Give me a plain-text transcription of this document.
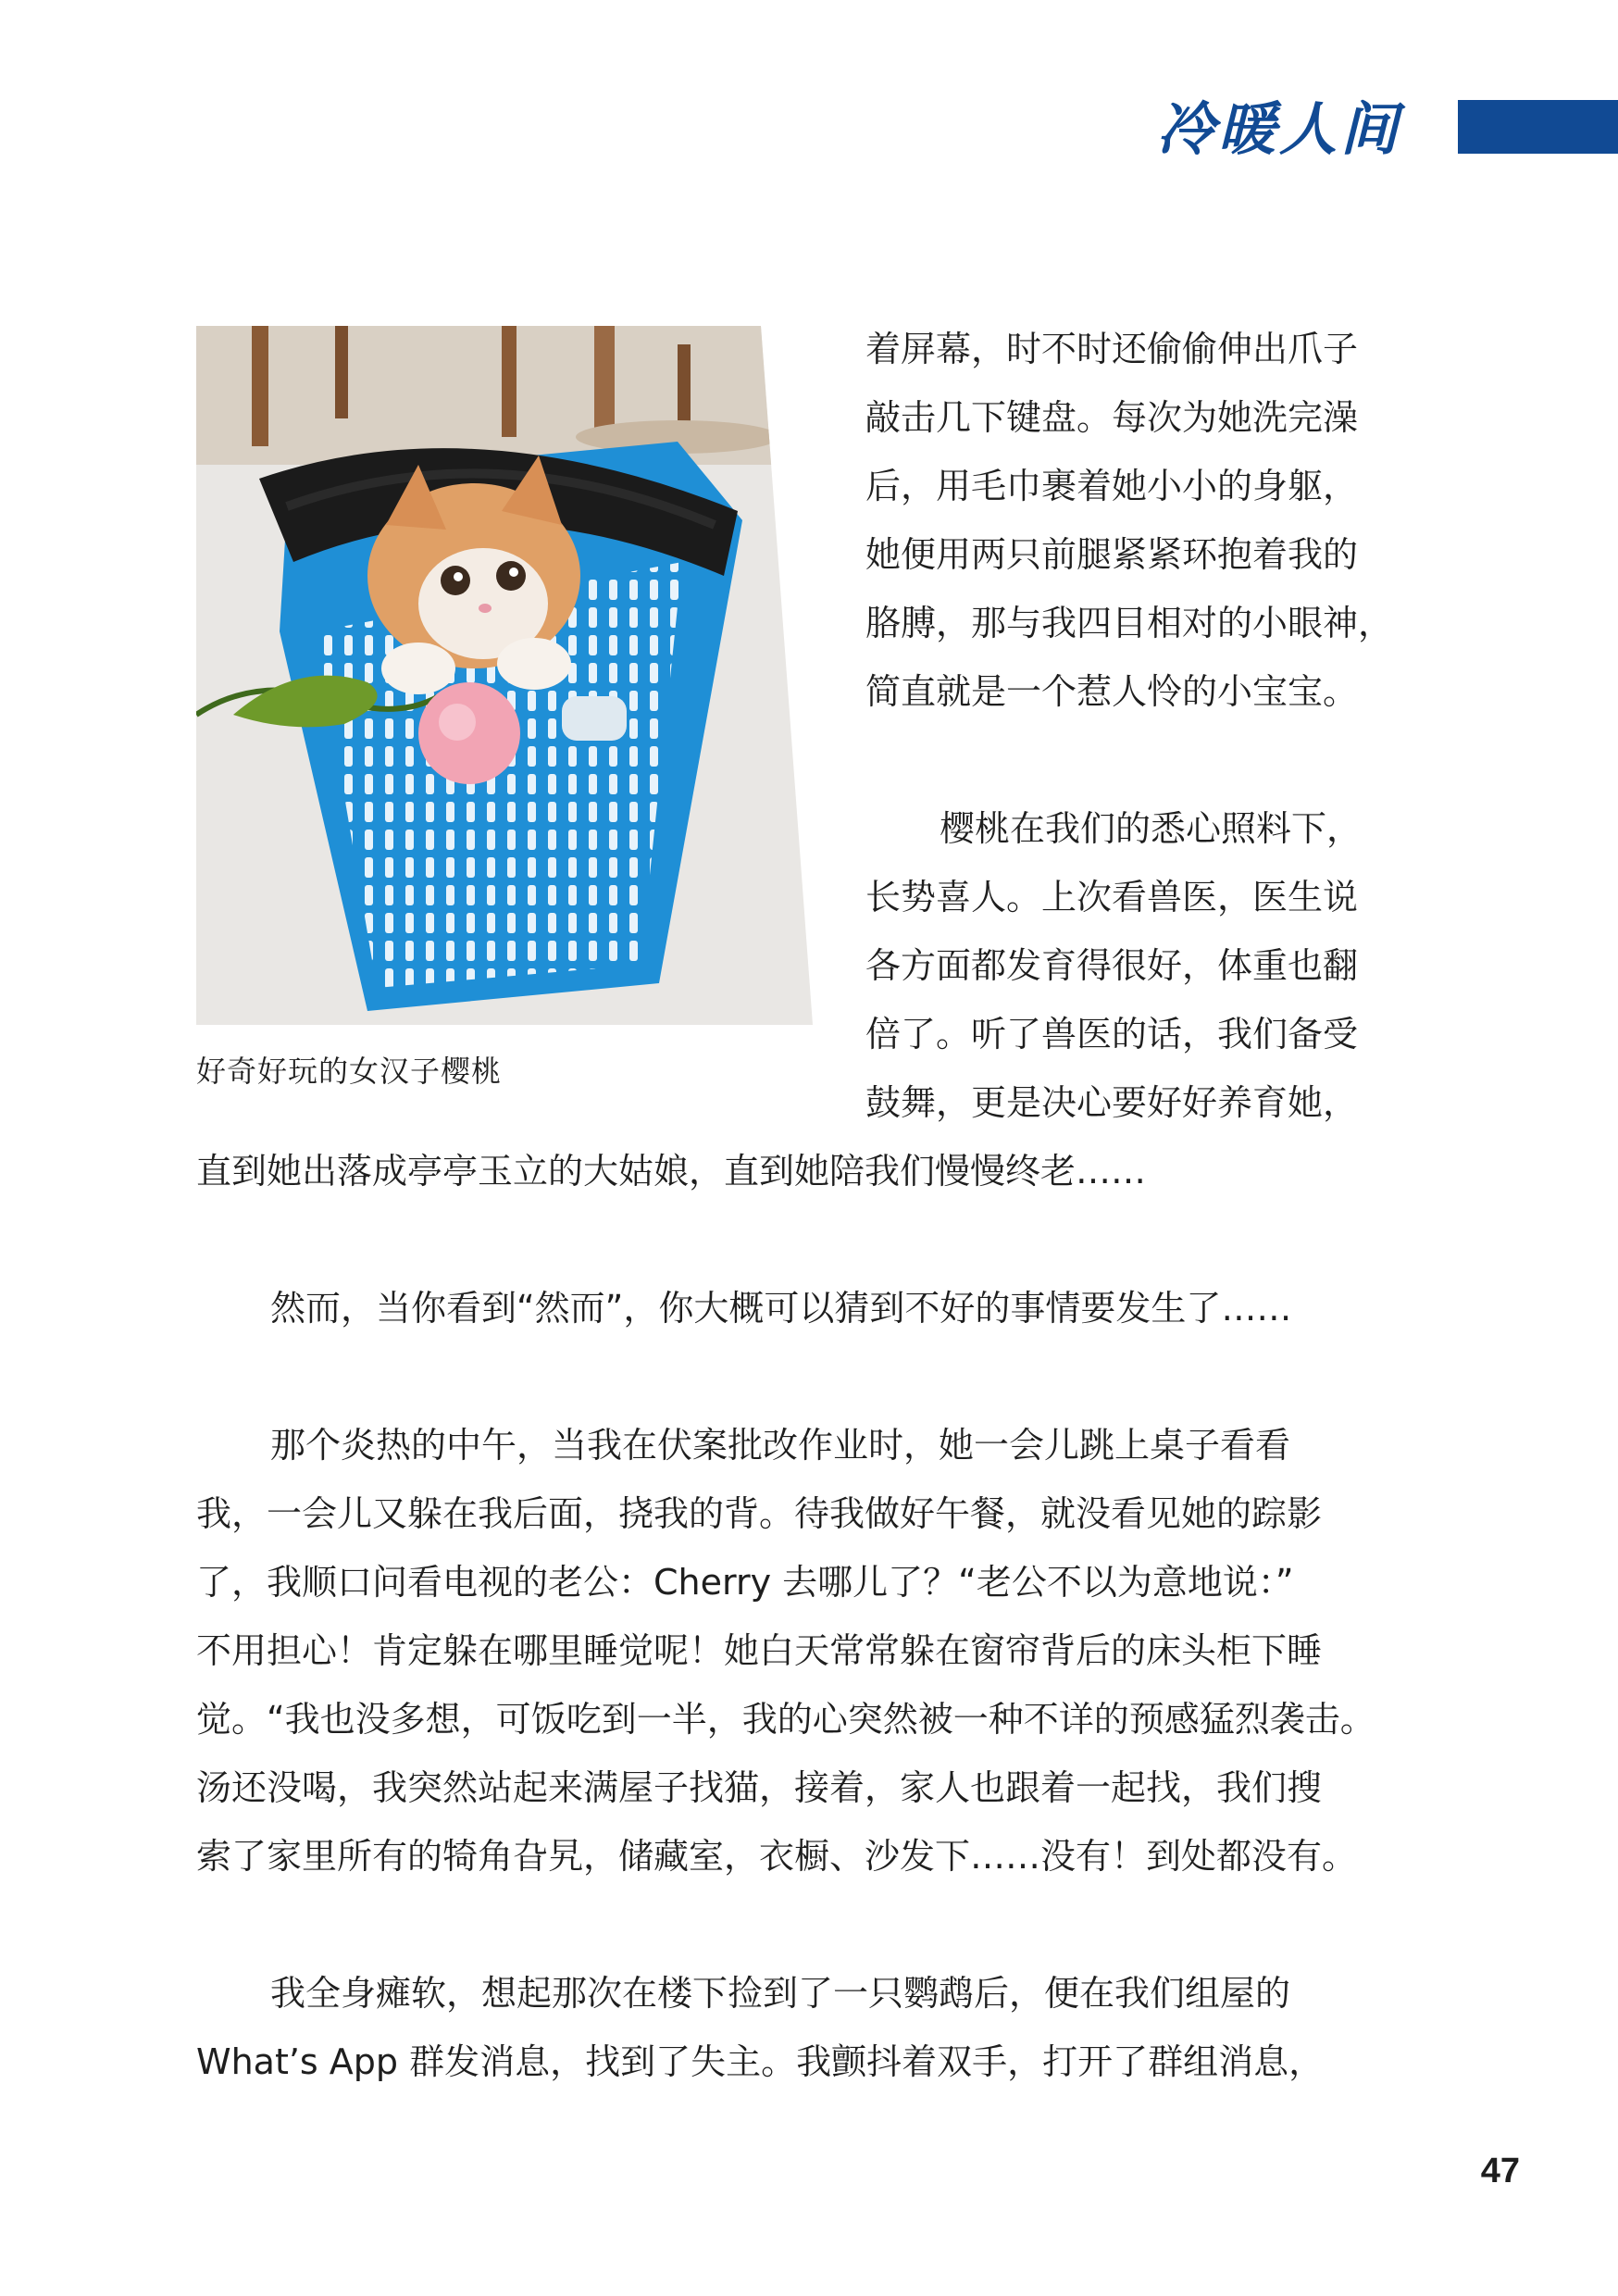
冷暖人间
好奇好玩的女汉子樱桃
着屏幕，时不时还偷偷伸出爪子
敲击几下键盘。每次为她洗完澡
后，用毛巾裹着她小小的身躯，
她便用两只前腿紧紧环抱着我的
胳膊，那与我四目相对的小眼神，
简直就是一个惹人怜的小宝宝。
樱桃在我们的悉心照料下，
长势喜人。上次看兽医，医生说
各方面都发育得很好，体重也翻
倍了。听了兽医的话，我们备受
鼓舞，更是决心要好好养育她，
直到她出落成亭亭玉立的大姑娘，直到她陪我们慢慢终老……
然而，当你看到“然而”，你大概可以猜到不好的事情要发生了……
那个炎热的中午，当我在伏案批改作业时，她一会儿跳上桌子看看
我，一会儿又躲在我后面，挠我的背。待我做好午餐，就没看见她的踪影
了，我顺口问看电视的老公：Cherry 去哪儿了？“老公不以为意地说：”
不用担心！肯定躲在哪里睡觉呢！她白天常常躲在窗帘背后的床头柜下睡
觉。“我也没多想，可饭吃到一半，我的心突然被一种不详的预感猛烈袭击。
汤还没喝，我突然站起来满屋子找猫，接着，家人也跟着一起找，我们搜
索了家里所有的犄角旮旯，储藏室，衣橱、沙发下……没有！到处都没有。
我全身瘫软，想起那次在楼下捡到了一只鹦鹉后，便在我们组屋的
What’s App 群发消息，找到了失主。我颤抖着双手，打开了群组消息，
47
